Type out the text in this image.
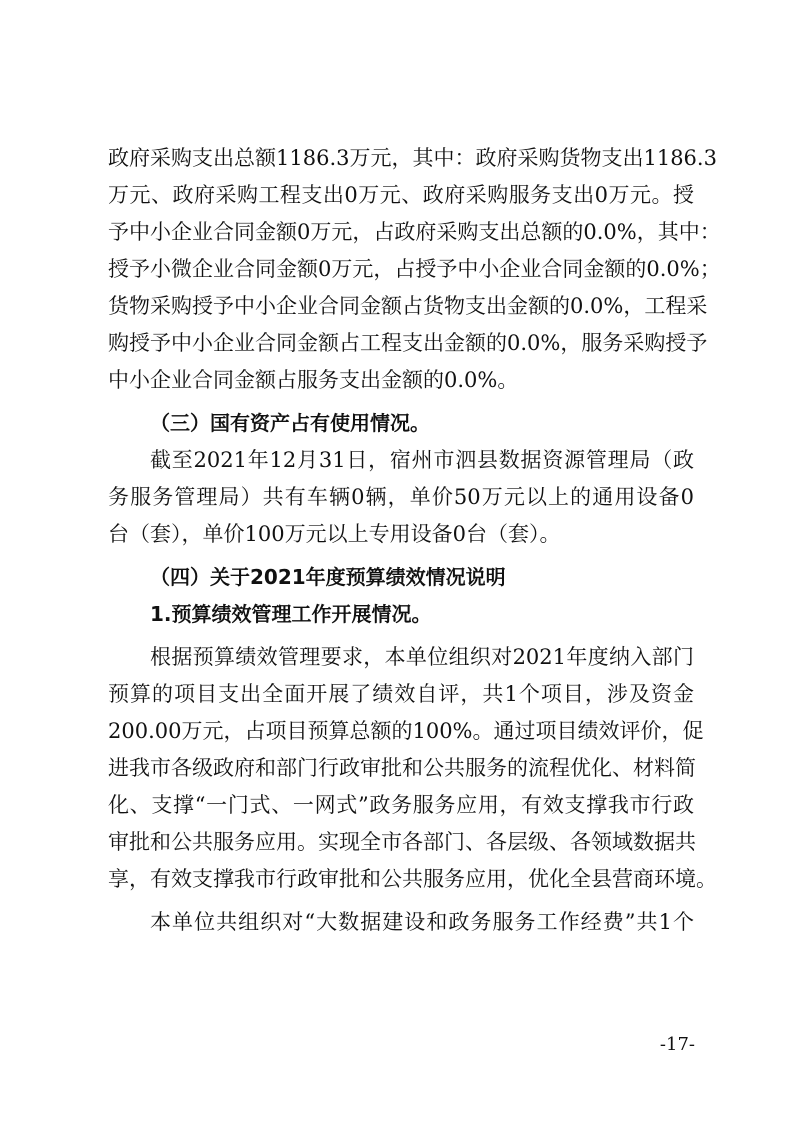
政府采购支出总额1186.3万元，其中：政府采购货物支出1186.3
万元、政府采购工程支出0万元、政府采购服务支出0万元。授
予中小企业合同金额0万元，占政府采购支出总额的0.0%，其中：
授予小微企业合同金额0万元，占授予中小企业合同金额的0.0%；
货物采购授予中小企业合同金额占货物支出金额的0.0%，工程采
购授予中小企业合同金额占工程支出金额的0.0%，服务采购授予
中小企业合同金额占服务支出金额的0.0%。
（三）国有资产占有使用情况。
截至2021年12月31日，宿州市泗县数据资源管理局（政
务服务管理局）共有车辆0辆，单价50万元以上的通用设备0
台（套），单价100万元以上专用设备0台（套）。
（四）关于2021年度预算绩效情况说明
1.预算绩效管理工作开展情况。
根据预算绩效管理要求，本单位组织对2021年度纳入部门
预算的项目支出全面开展了绩效自评，共1个项目，涉及资金
200.00万元，占项目预算总额的100%。通过项目绩效评价，促
进我市各级政府和部门行政审批和公共服务的流程优化、材料简
化、支撑“一门式、一网式”政务服务应用，有效支撑我市行政
审批和公共服务应用。实现全市各部门、各层级、各领域数据共
享，有效支撑我市行政审批和公共服务应用，优化全县营商环境。
本单位共组织对“大数据建设和政务服务工作经费”共1个
-17-
